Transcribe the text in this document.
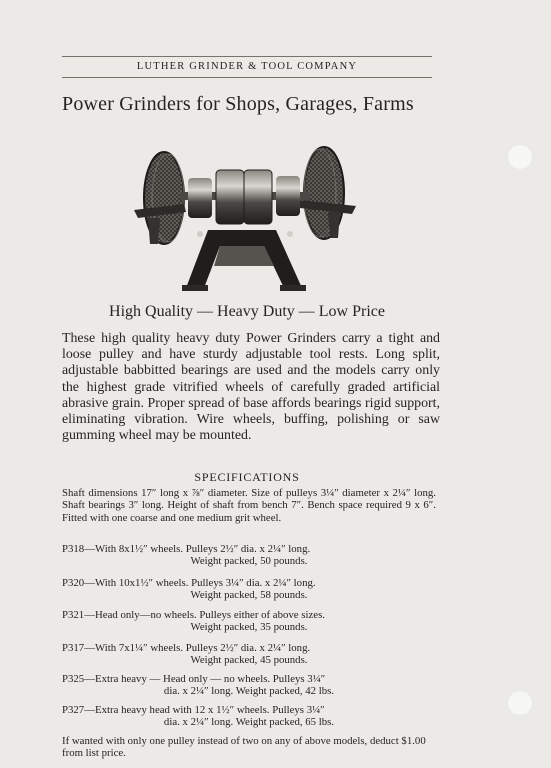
LUTHER GRINDER & TOOL COMPANY
Power Grinders for Shops, Garages, Farms
High Quality — Heavy Duty — Low Price
These high quality heavy duty Power Grinders carry a tight and loose pulley and have sturdy adjustable tool rests. Long split, adjustable babbitted bearings are used and the models carry only the highest grade vitrified wheels of carefully graded artificial abrasive grain. Proper spread of base affords bearings rigid support, eliminating vibration. Wire wheels, buffing, polishing or saw gumming wheel may be mounted.
SPECIFICATIONS
Shaft dimensions 17″ long x ⅞″ diameter. Size of pulleys 3¼″ diameter x 2¼″ long. Shaft bearings 3″ long. Height of shaft from bench 7″. Bench space required 9 x 6″. Fitted with one coarse and one medium grit wheel.
P318—With 8x1½″ wheels. Pulleys 2½″ dia. x 2¼″ long.
Weight packed, 50 pounds.
P320—With 10x1½″ wheels. Pulleys 3¼″ dia. x 2¼″ long.
Weight packed, 58 pounds.
P321—Head only—no wheels. Pulleys either of above sizes.
Weight packed, 35 pounds.
P317—With 7x1¼″ wheels. Pulleys 2½″ dia. x 2¼″ long.
Weight packed, 45 pounds.
P325—Extra heavy — Head only — no wheels. Pulleys 3¼″
dia. x 2¼″ long. Weight packed, 42 lbs.
P327—Extra heavy head with 12 x 1½″ wheels. Pulleys 3¼″
dia. x 2¼″ long. Weight packed, 65 lbs.
If wanted with only one pulley instead of two on any of above models, deduct $1.00 from list price.
